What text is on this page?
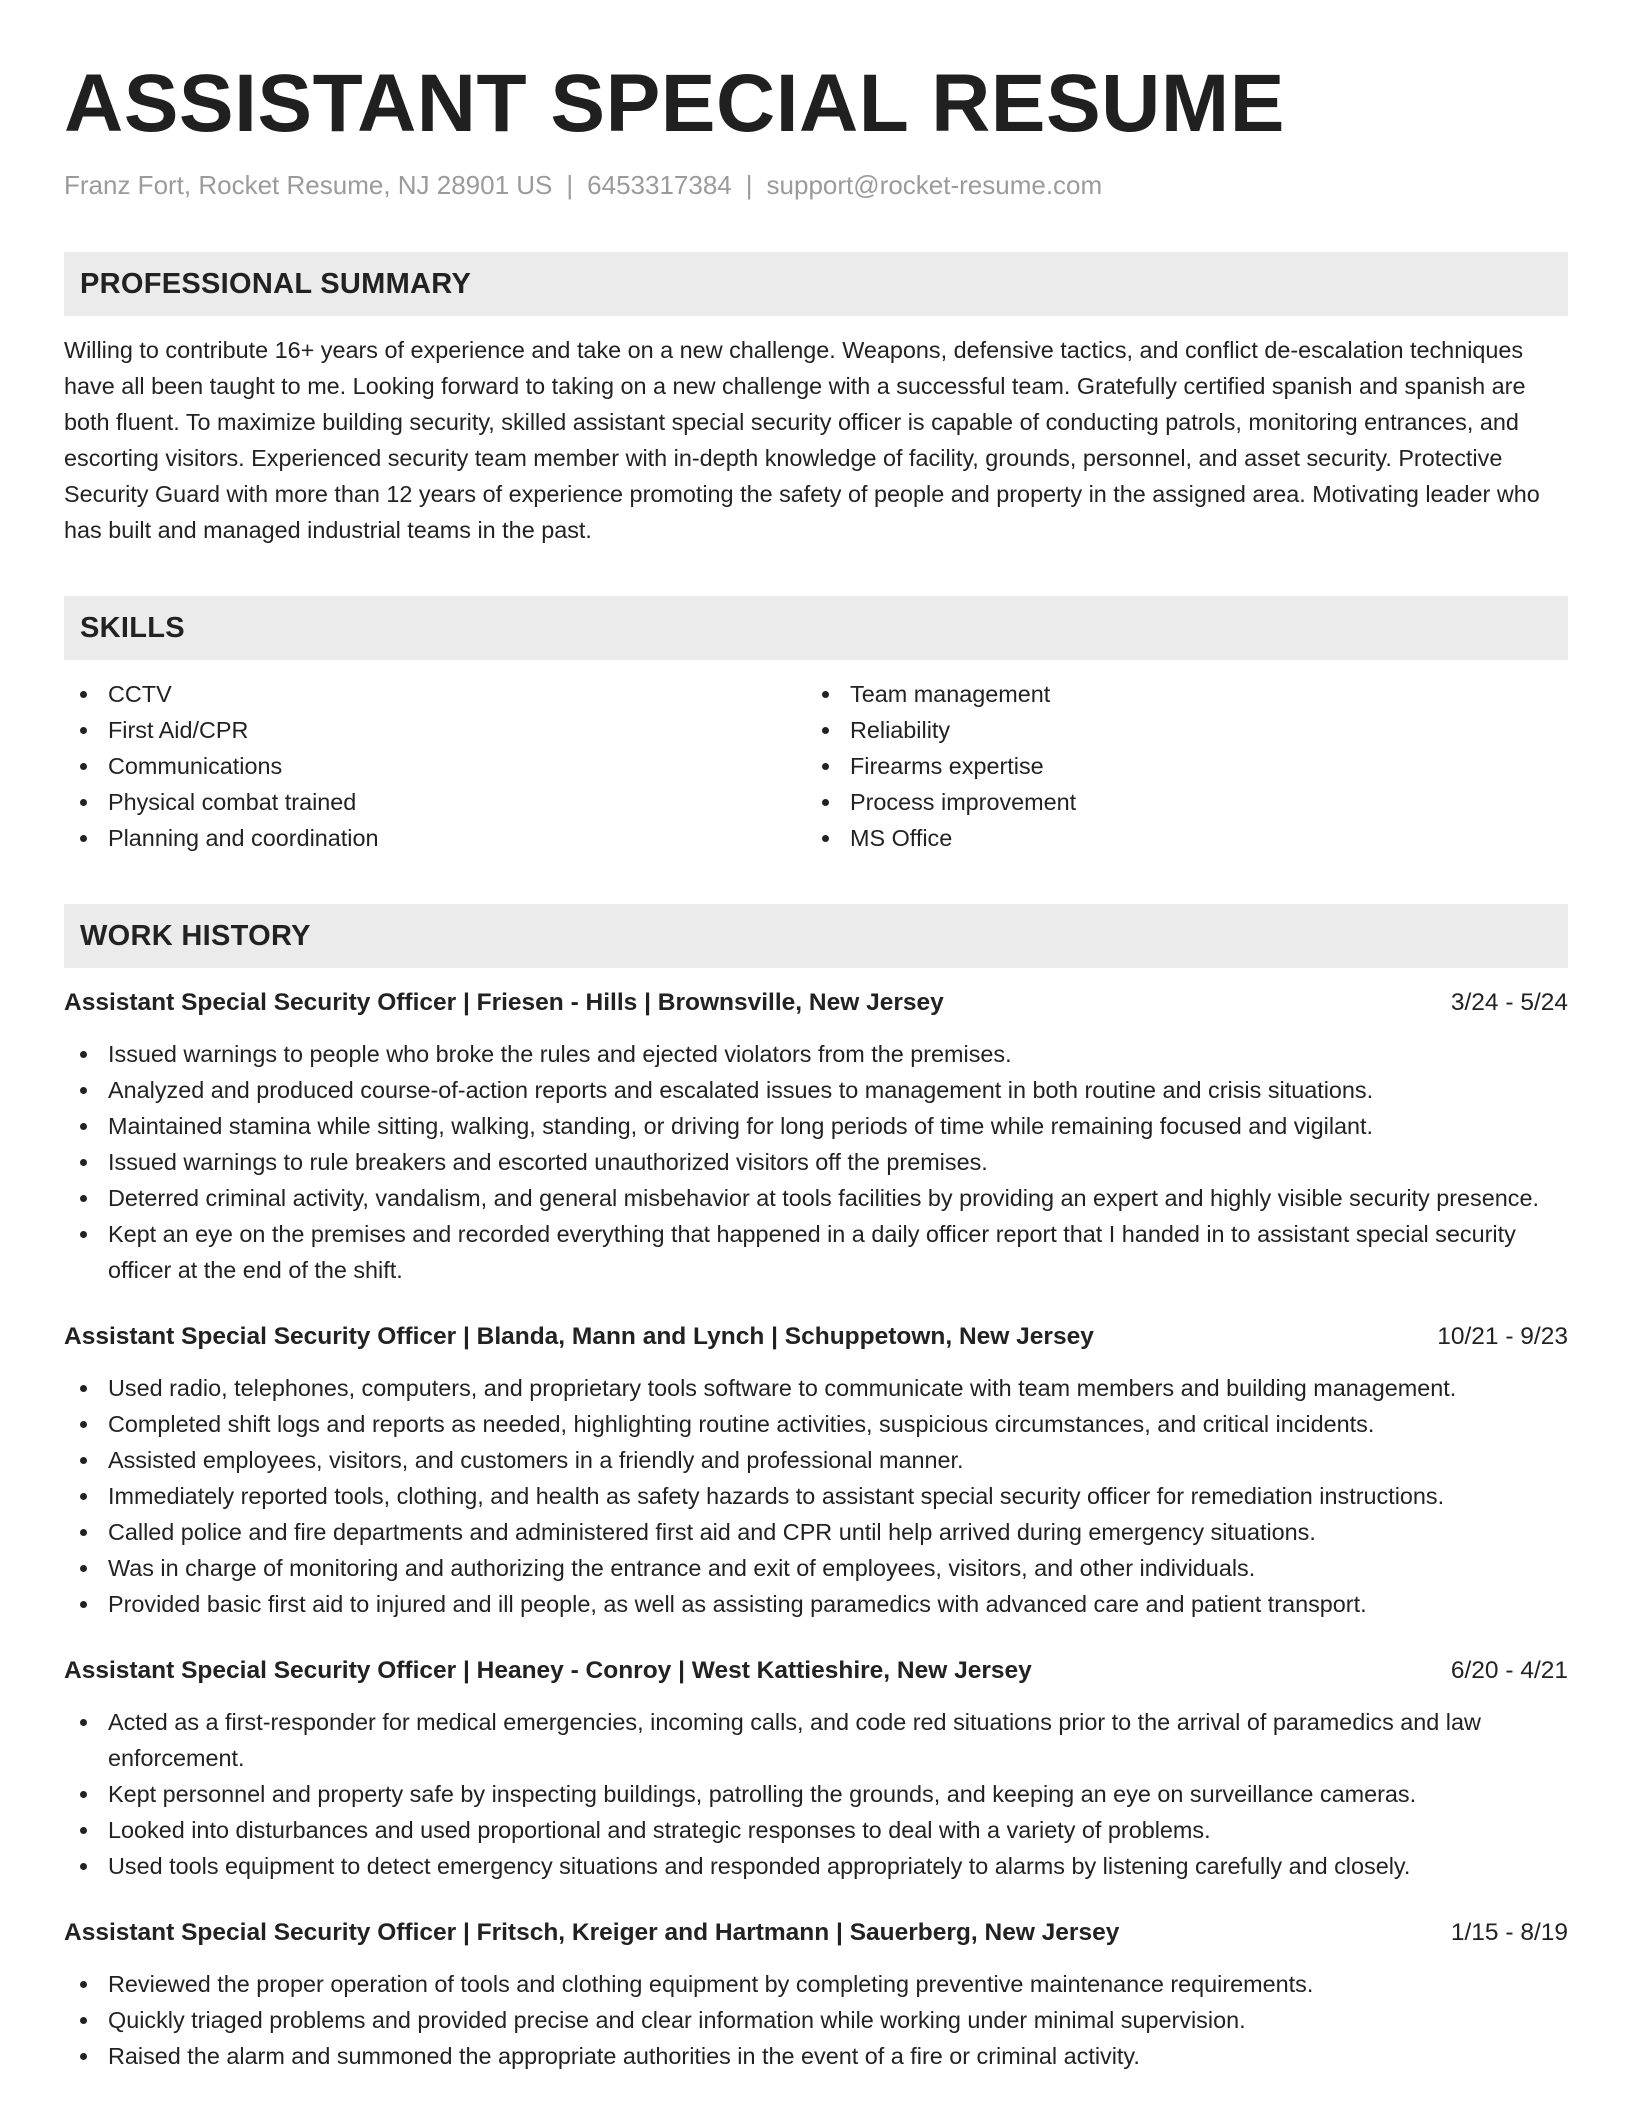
ASSISTANT SPECIAL RESUME
Franz Fort, Rocket Resume, NJ 28901 US | 6453317384 | support@rocket-resume.com
PROFESSIONAL SUMMARY
Willing to contribute 16+ years of experience and take on a new challenge. Weapons, defensive tactics, and conflict de-escalation techniques have all been taught to me. Looking forward to taking on a new challenge with a successful team. Gratefully certified spanish and spanish are both fluent. To maximize building security, skilled assistant special security officer is capable of conducting patrols, monitoring entrances, and escorting visitors. Experienced security team member with in-depth knowledge of facility, grounds, personnel, and asset security. Protective Security Guard with more than 12 years of experience promoting the safety of people and property in the assigned area. Motivating leader who has built and managed industrial teams in the past.
SKILLS
CCTV
First Aid/CPR
Communications
Physical combat trained
Planning and coordination
Team management
Reliability
Firearms expertise
Process improvement
MS Office
WORK HISTORY
Assistant Special Security Officer | Friesen - Hills | Brownsville, New Jersey	3/24 - 5/24
Issued warnings to people who broke the rules and ejected violators from the premises.
Analyzed and produced course-of-action reports and escalated issues to management in both routine and crisis situations.
Maintained stamina while sitting, walking, standing, or driving for long periods of time while remaining focused and vigilant.
Issued warnings to rule breakers and escorted unauthorized visitors off the premises.
Deterred criminal activity, vandalism, and general misbehavior at tools facilities by providing an expert and highly visible security presence.
Kept an eye on the premises and recorded everything that happened in a daily officer report that I handed in to assistant special security officer at the end of the shift.
Assistant Special Security Officer | Blanda, Mann and Lynch | Schuppetown, New Jersey	10/21 - 9/23
Used radio, telephones, computers, and proprietary tools software to communicate with team members and building management.
Completed shift logs and reports as needed, highlighting routine activities, suspicious circumstances, and critical incidents.
Assisted employees, visitors, and customers in a friendly and professional manner.
Immediately reported tools, clothing, and health as safety hazards to assistant special security officer for remediation instructions.
Called police and fire departments and administered first aid and CPR until help arrived during emergency situations.
Was in charge of monitoring and authorizing the entrance and exit of employees, visitors, and other individuals.
Provided basic first aid to injured and ill people, as well as assisting paramedics with advanced care and patient transport.
Assistant Special Security Officer | Heaney - Conroy | West Kattieshire, New Jersey	6/20 - 4/21
Acted as a first-responder for medical emergencies, incoming calls, and code red situations prior to the arrival of paramedics and law enforcement.
Kept personnel and property safe by inspecting buildings, patrolling the grounds, and keeping an eye on surveillance cameras.
Looked into disturbances and used proportional and strategic responses to deal with a variety of problems.
Used tools equipment to detect emergency situations and responded appropriately to alarms by listening carefully and closely.
Assistant Special Security Officer | Fritsch, Kreiger and Hartmann | Sauerberg, New Jersey	1/15 - 8/19
Reviewed the proper operation of tools and clothing equipment by completing preventive maintenance requirements.
Quickly triaged problems and provided precise and clear information while working under minimal supervision.
Raised the alarm and summoned the appropriate authorities in the event of a fire or criminal activity.
